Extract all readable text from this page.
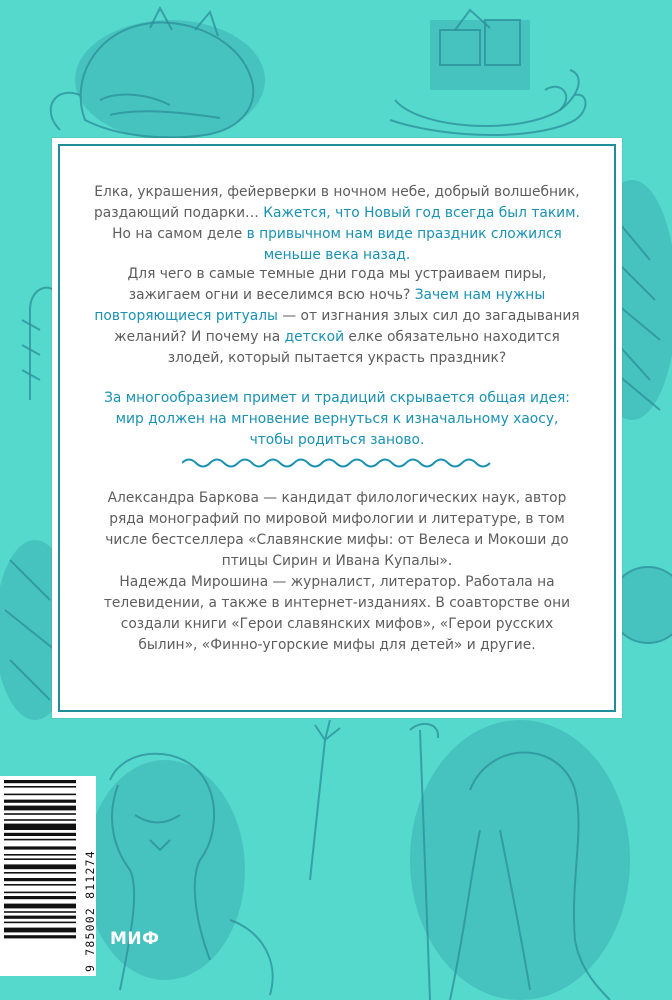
Елка, украшения, фейерверки в ночном небе, добрый волшебник, раздающий подарки… Кажется, что Новый год всегда был таким. Но на самом деле в привычном нам виде праздник сложился меньше века назад.

Для чего в самые темные дни года мы устраиваем пиры, зажигаем огни и веселимся всю ночь? Зачем нам нужны повторяющиеся ритуалы — от изгнания злых сил до загадывания желаний? И почему на детской елке обязательно находится злодей, который пытается украсть праздник?

За многообразием примет и традиций скрывается общая идея: мир должен на мгновение вернуться к изначальному хаосу, чтобы родиться заново.

Александра Баркова — кандидат филологических наук, автор ряда монографий по мировой мифологии и литературе, в том числе бестселлера «Славянские мифы: от Велеса и Мокоши до птицы Сирин и Ивана Купалы».

Надежда Мирошина — журналист, литератор. Работала на телевидении, а также в интернет-изданиях. В соавторстве они создали книги «Герои славянских мифов», «Герои русских былин», «Финно-угорские мифы для детей» и другие.

9 785002 811274 МИФ
